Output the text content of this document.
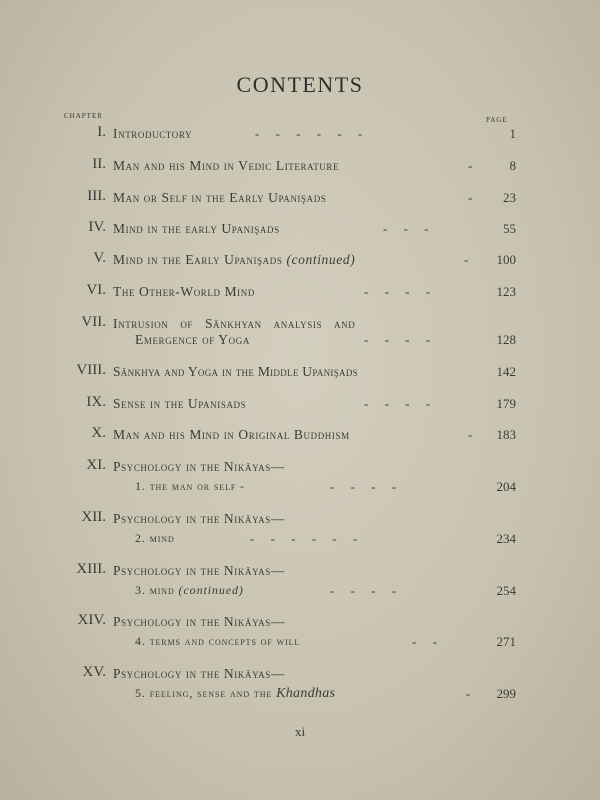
CONTENTS
CHAPTER	PAGE
I. Introductory	-     -     -     -     -     -	1
II. Man and his Mind in Vedic Literature	-	8
III. Man or Self in the Early Upanişads	- 23
IV. Mind in the early Upanişads	-     -     -	55
V. Mind in the Early Upanişads (continued)	- 100
VI. The Other-World Mind	-     -     -     -	123
VII. Intrusion   of   Sānkhyan   analysis   and
Emergence of Yoga	-     -     -     -	128
VIII. Sānkhya and Yoga in the Middle Upanişads	142
IX. Sense in the Upanisads	-     -     -     -	179
X. Man and his Mind in Original Buddhism	- 183
XI. Psychology in the Nikāyas—
1. the man or self -	-     -     -     -	204
XII. Psychology in the Nikāyas—
2. mind	-     -     -     -     -     -	234
XIII. Psychology in the Nikāyas—
3. mind (continued)	-     -     -     -	254
XIV. Psychology in the Nikāyas—
4. terms and concepts of will	-     -	271
XV. Psychology in the Nikāyas—
5. feeling, sense and the Khandhas	- 299
xi
